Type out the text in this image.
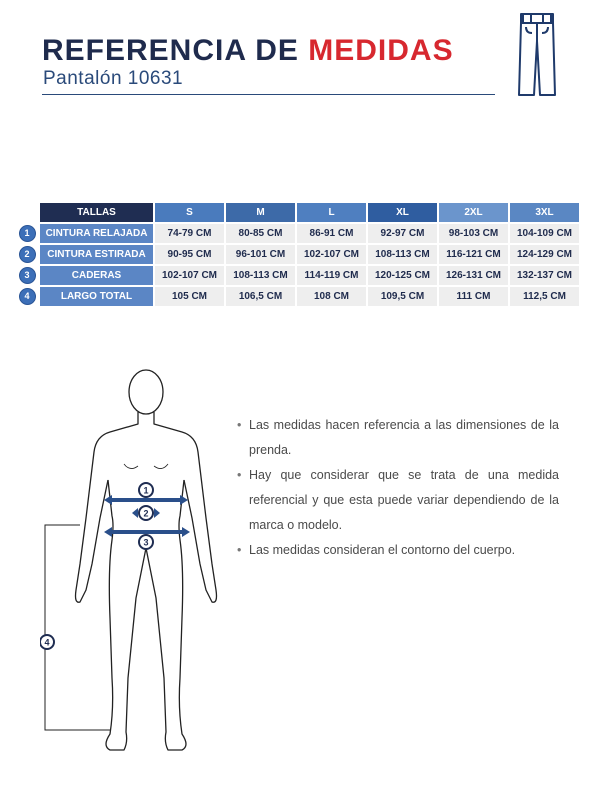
REFERENCIA DE MEDIDAS
Pantalón 10631
	TALLAS	S	M	L	XL	2XL	3XL
1	CINTURA RELAJADA	74-79 CM	80-85 CM	86-91 CM	92-97 CM	98-103 CM	104-109 CM
2	CINTURA ESTIRADA	90-95 CM	96-101 CM	102-107 CM	108-113 CM	116-121 CM	124-129 CM
3	CADERAS	102-107 CM	108-113 CM	114-119 CM	120-125 CM	126-131 CM	132-137 CM
4	LARGO TOTAL	105 CM	106,5 CM	108 CM	109,5 CM	111 CM	112,5 CM
1
2
3
4
• Las medidas hacen referencia a las dimensiones de la prenda.
• Hay que considerar que se trata de una medida referencial y que esta puede variar dependiendo de la marca o modelo.
• Las medidas consideran el contorno del cuerpo.
